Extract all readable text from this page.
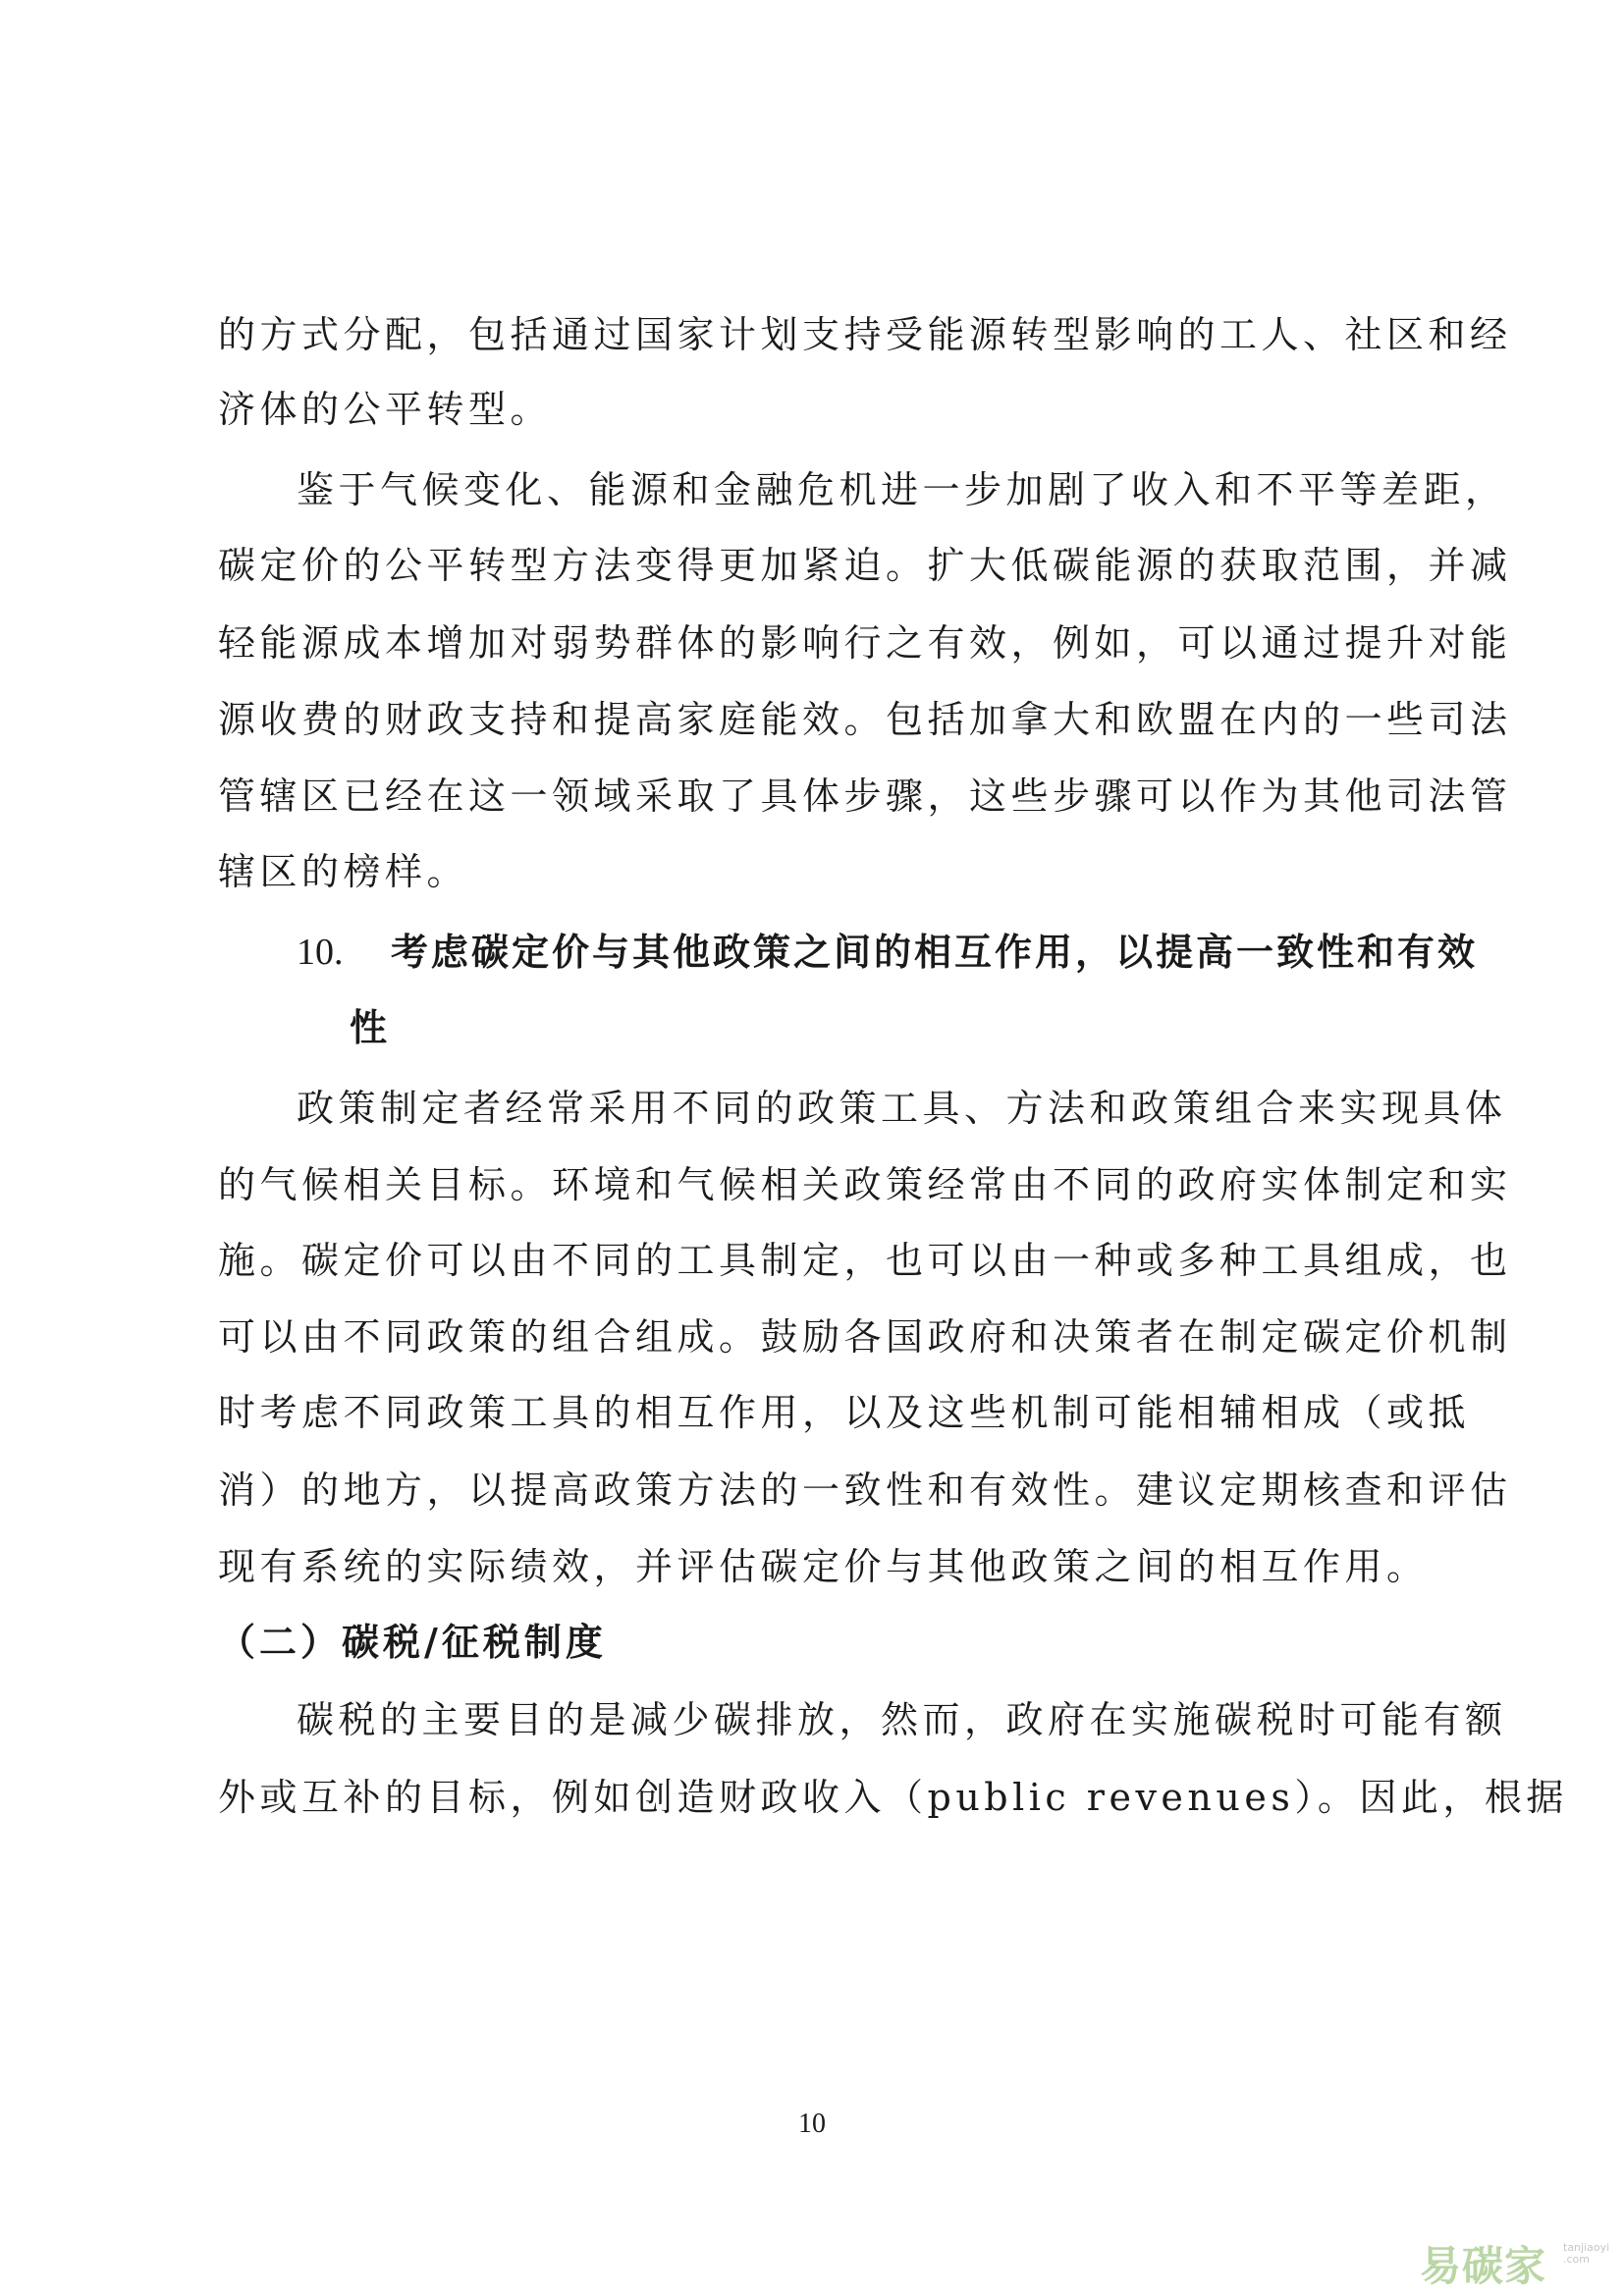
的方式分配，包括通过国家计划支持受能源转型影响的工人、社区和经
济体的公平转型。
鉴于气候变化、能源和金融危机进一步加剧了收入和不平等差距，
碳定价的公平转型方法变得更加紧迫。扩大低碳能源的获取范围，并减
轻能源成本增加对弱势群体的影响行之有效，例如，可以通过提升对能
源收费的财政支持和提高家庭能效。包括加拿大和欧盟在内的一些司法
管辖区已经在这一领域采取了具体步骤，这些步骤可以作为其他司法管
辖区的榜样。
10. 考虑碳定价与其他政策之间的相互作用，以提高一致性和有效
性
政策制定者经常采用不同的政策工具、方法和政策组合来实现具体
的气候相关目标。环境和气候相关政策经常由不同的政府实体制定和实
施。碳定价可以由不同的工具制定，也可以由一种或多种工具组成，也
可以由不同政策的组合组成。鼓励各国政府和决策者在制定碳定价机制
时考虑不同政策工具的相互作用，以及这些机制可能相辅相成（或抵
消）的地方，以提高政策方法的一致性和有效性。建议定期核查和评估
现有系统的实际绩效，并评估碳定价与其他政策之间的相互作用。
（二）碳税/征税制度
碳税的主要目的是减少碳排放，然而，政府在实施碳税时可能有额
外或互补的目标，例如创造财政收入（public revenues）。因此，根据
10
易碳家 tanjiaoyi
.com
